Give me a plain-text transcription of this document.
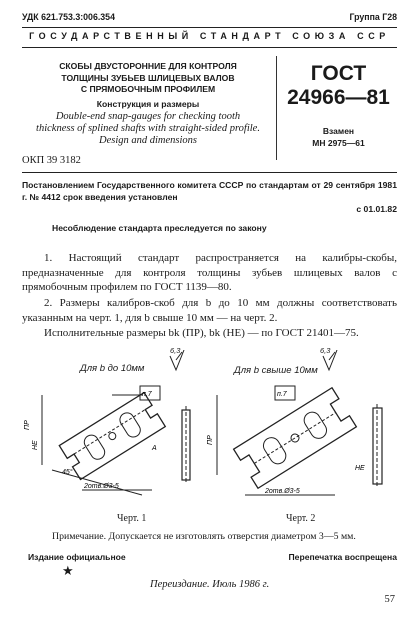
УДК 621.753.3:006.354	Группа Г28
ГОСУДАРСТВЕННЫЙ СТАНДАРТ СОЮЗА ССР
СКОБЫ ДВУСТОРОННИЕ ДЛЯ КОНТРОЛЯ
ТОЛЩИНЫ ЗУБЬЕВ ШЛИЦЕВЫХ ВАЛОВ
С ПРЯМОБОЧНЫМ ПРОФИЛЕМ
Конструкция и размеры
Double-end snap-gauges for checking tooth
thickness of splined shafts with straight-sided profile.
Design and dimensions
ГОСТ
24966—81
Взамен
МН 2975—61
ОКП 39 3182
Постановлением Государственного комитета СССР по стандартам от 29 сентября 1981 г. № 4412 срок введения установлен
с 01.01.82
Несоблюдение стандарта преследуется по закону
1. Настоящий стандарт распространяется на калибры-скобы, предназначенные для контроля толщины зубьев шлицевых валов с прямобочным профилем по ГОСТ 1139—80.
2. Размеры калибров-скоб для b до 10 мм должны соответствовать указанным на черт. 1, для b свыше 10 мм — на черт. 2.
Исполнительные размеры bk (ПР), bk (НЕ) — по ГОСТ 21401—75.
Для b до 10мм
6,3
ПР
НЕ
п.7
2отв.Ø3-5
45°
A
Для b свыше 10мм
6,3
ПР
п.7
2отв.Ø3-5
НЕ
Черт. 1	Черт. 2
Примечание. Допускается не изготовлять отверстия диаметром 3—5 мм.
Издание официальное	Перепечатка воспрещена
★
Переиздание. Июль 1986 г.
57
